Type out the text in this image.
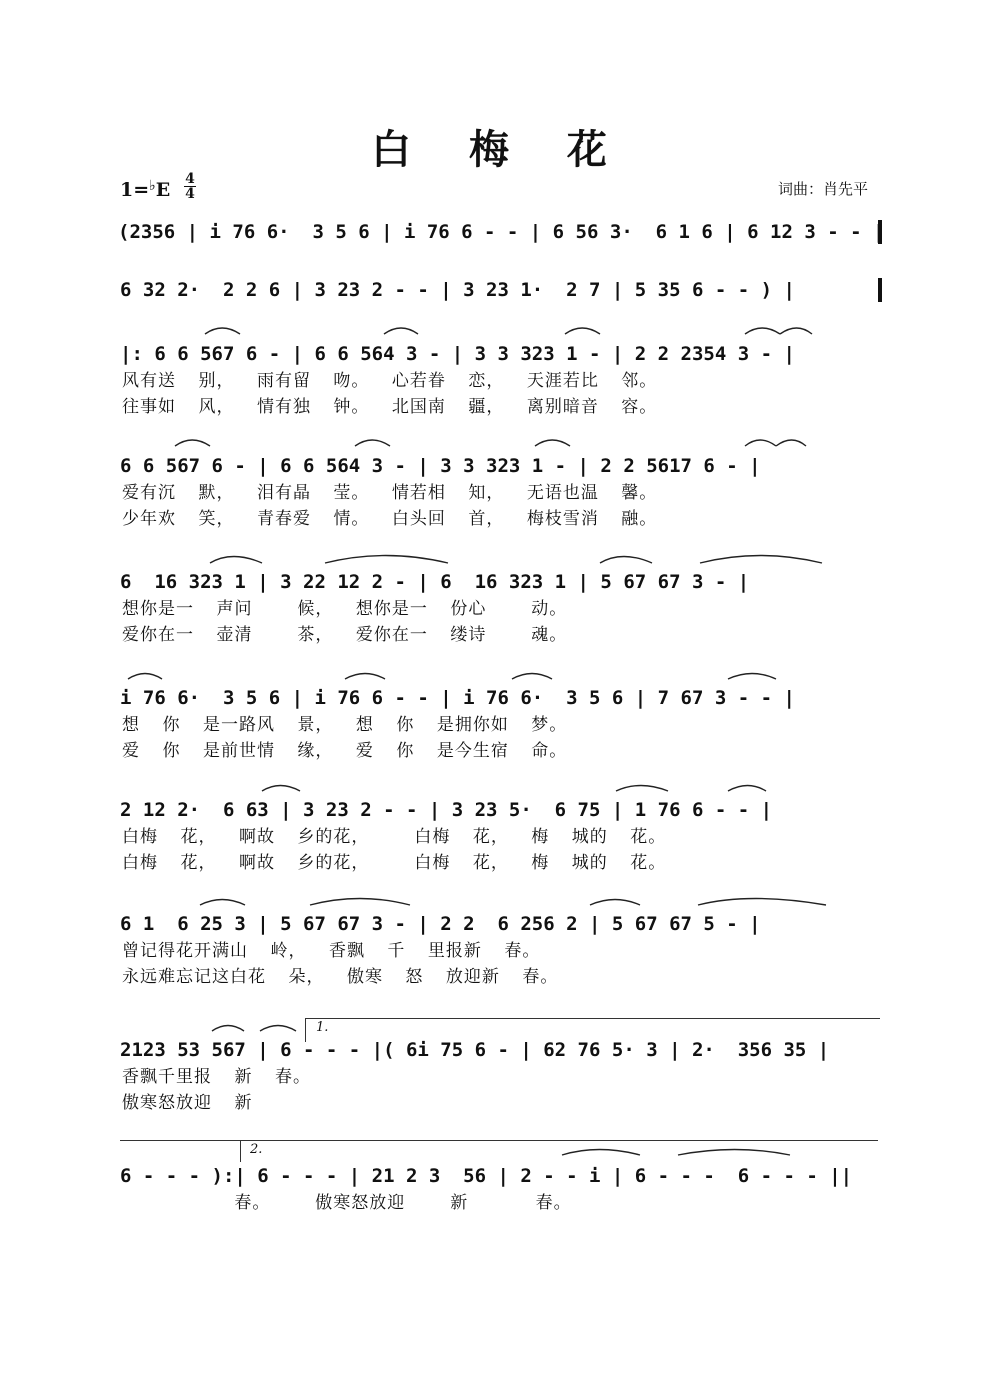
白 梅 花
1=♭E 4
4	词曲：肖先平
(2356 | i 76 6·  3 5 6 | i 76 6 - - | 6 56 3·  6 1 6 | 6 12 3 - - |
6 32 2·  2 2 6 | 3 23 2 - - | 3 23 1·  2 7 | 5 35 6 - - ) |
|: 6 6 567 6 - | 6 6 564 3 - | 3 3 323 1 - | 2 2 2354 3 - |
风有送  别，  雨有留  吻。  心若眷  恋，  天涯若比  邻。
往事如  风，  情有独  钟。  北国南  疆，  离别暗音  容。
6 6 567 6 - | 6 6 564 3 - | 3 3 323 1 - | 2 2 5617 6 - |
爱有沉  默，  泪有晶  莹。  情若相  知，  无语也温  馨。
少年欢  笑，  青春爱  情。  白头回  首，  梅枝雪消  融。
6  16 323 1 | 3 22 12 2 - | 6  16 323 1 | 5 67 67 3 - |
想你是一  声问    候，  想你是一  份心    动。
爱你在一  壶清    茶，  爱你在一  缕诗    魂。
i 76 6·  3 5 6 | i 76 6 - - | i 76 6·  3 5 6 | 7 67 3 - - |
想  你  是一路风  景，  想  你  是拥你如  梦。
爱  你  是前世情  缘，  爱  你  是今生宿  命。
2 12 2·  6 63 | 3 23 2 - - | 3 23 5·  6 75 | 1 76 6 - - |
白梅  花，  啊故  乡的花，    白梅  花，  梅  城的  花。
白梅  花，  啊故  乡的花，    白梅  花，  梅  城的  花。
6 1  6 25 3 | 5 67 67 3 - | 2 2  6 256 2 | 5 67 67 5 - |
曾记得花开满山  岭，  香飘  千  里报新  春。
永远难忘记这白花  朵，  傲寒  怒  放迎新  春。
1.
2123 53 567 | 6 - - - |( 6i 75 6 - | 62 76 5· 3 | 2·  356 35 |
香飘千里报  新  春。
傲寒怒放迎  新
2.
6 - - - ):| 6 - - - | 21 2 3  56 | 2 - - i | 6 - - -  6 - - - ||
春。    傲寒怒放迎    新      春。
